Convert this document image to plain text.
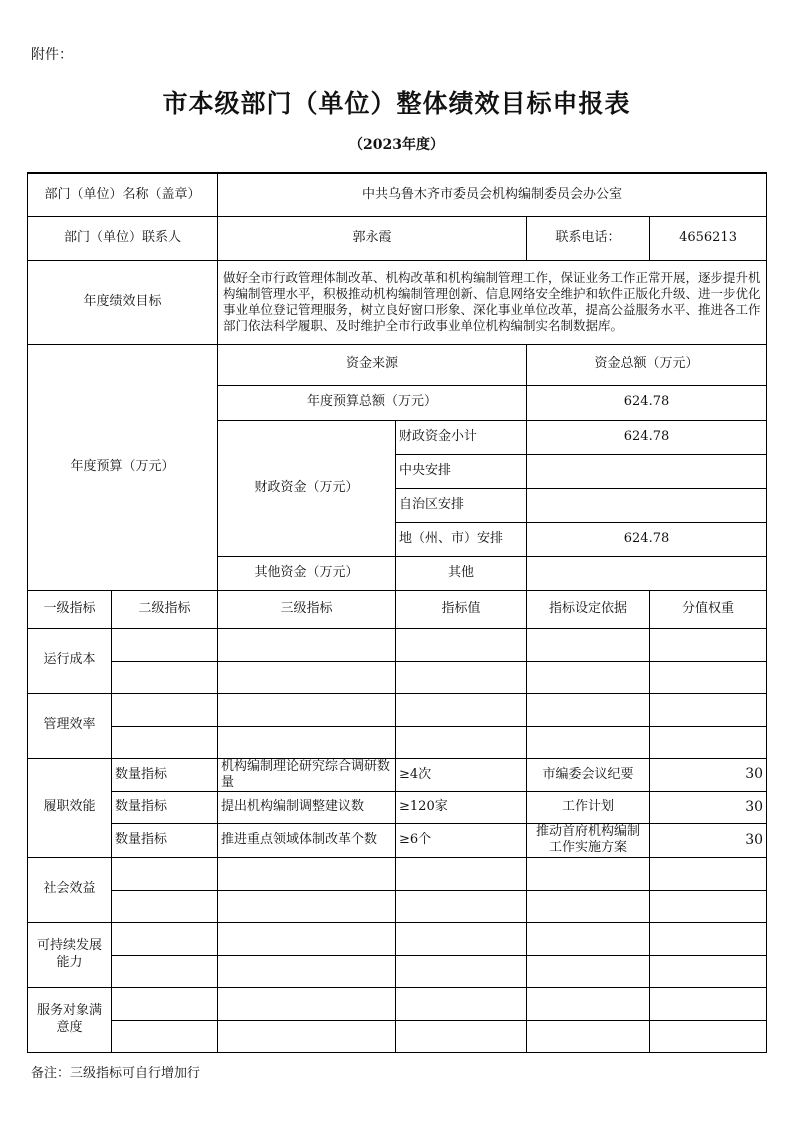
附件：
市本级部门（单位）整体绩效目标申报表
（2023年度）
部门（单位）名称（盖章）		中共乌鲁木齐市委员会机构编制委员会办公室			
部门（单位）联系人		郭永霞		联系电话：	4656213
年度绩效目标		做好全市行政管理体制改革、机构改革和机构编制管理工作，保证业务工作正常开展，逐步提升机构编制管理水平，积极推动机构编制管理创新、信息网络安全维护和软件正版化升级、进一步优化事业单位登记管理服务，树立良好窗口形象、深化事业单位改革，提高公益服务水平、推进各工作部门依法科学履职、及时维护全市行政事业单位机构编制实名制数据库。			
年度预算（万元）		资金来源		资金总额（万元）	
		年度预算总额（万元）		624.78	
		财政资金（万元）	财政资金小计	624.78	
			中央安排		
			自治区安排		
			地（州、市）安排	624.78	
		其他资金（万元）	其他		
一级指标	二级指标	三级指标	指标值	指标设定依据	分值权重
运行成本					

管理效率					

履职效能	数量指标	机构编制理论研究综合调研数量	≥4次	市编委会议纪要	30
	数量指标	提出机构编制调整建议数	≥120家	工作计划	30
	数量指标	推进重点领域体制改革个数	≥6个	推动首府机构编制工作实施方案	30
社会效益					

可持续发展能力					

服务对象满意度					

备注：三级指标可自行增加行
